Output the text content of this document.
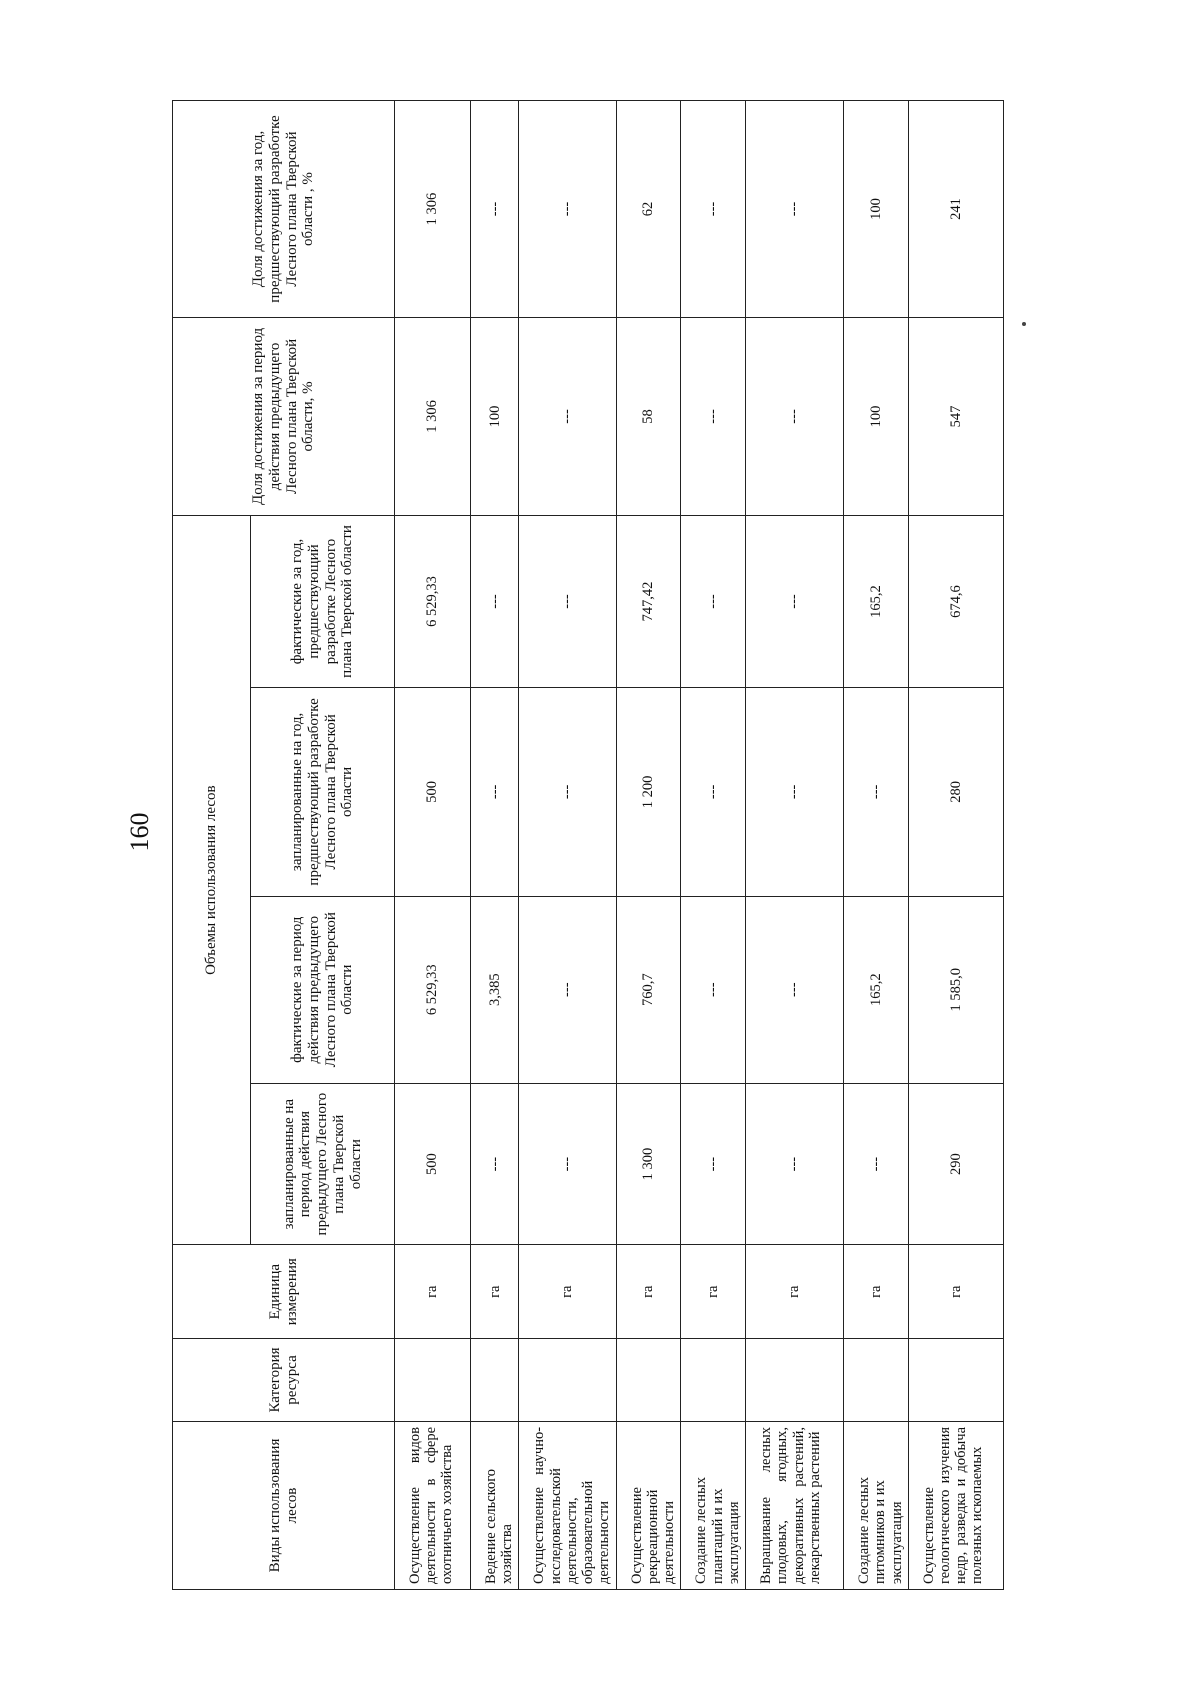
160
Виды использования лесов	Категория ресурса	Единица измерения	Объемы использования лесов				Доля достижения за период действия предыдущего Лесного плана Тверской области, %	Доля достижения за год, предшествующий разработке Лесного плана Тверской области , %
			запланированные на период действия предыдущего Лесного плана Тверской области	фактические за период действия предыдущего Лесного плана Тверской области	запланированные на год, предшествующий разработке Лесного плана Тверской области	фактические за год, предшествующий разработке Лесного плана Тверской области		
Осуществление видов деятельности в сфере охотничьего хозяйства		га	500	6 529,33	500	6 529,33	1 306	1 306
Ведение сельского хозяйства		га	---	3,385	---	---	100	---
Осуществление научно-исследовательской деятельности, образовательной деятельности		га	---	---	---	---	---	---
Осуществление рекреационной деятельности		га	1 300	760,7	1 200	747,42	58	62
Создание лесных плантаций и их эксплуатация		га	---	---	---	---	---	---
Выращивание лесных плодовых, ягодных, декоративных растений, лекарственных растений		га	---	---	---	---	---	---
Создание лесных питомников и их эксплуатация		га	---	165,2	---	165,2	100	100
Осуществление геологического изучения недр, разведка и добыча полезных ископаемых		га	290	1 585,0	280	674,6	547	241
